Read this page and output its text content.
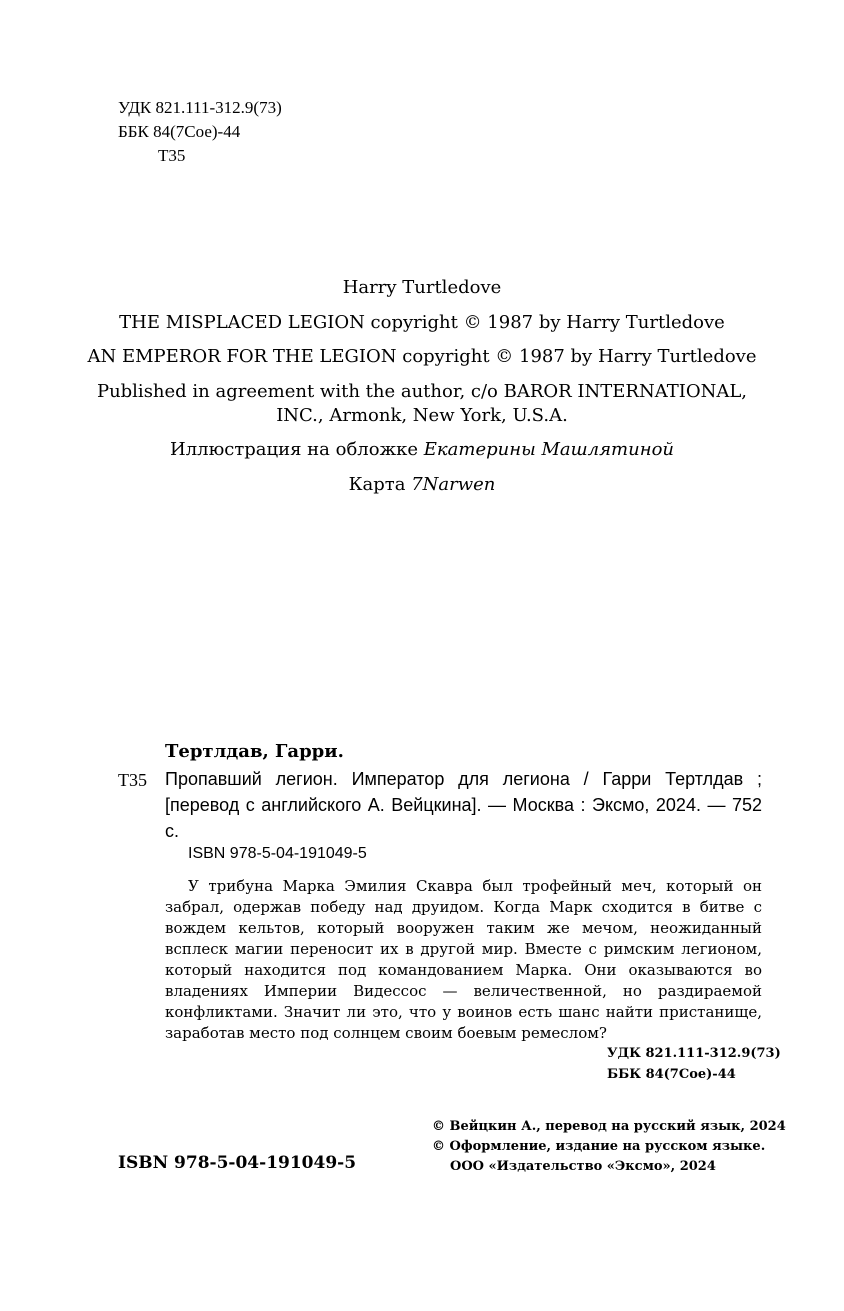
УДК 821.111-312.9(73)
ББК 84(7Сое)-44
Т35
Harry Turtledove
THE MISPLACED LEGION copyright © 1987 by Harry Turtledove
AN EMPEROR FOR THE LEGION copyright © 1987 by Harry Turtledove
Published in agreement with the author, c/o BAROR INTERNATIONAL,
INC., Armonk, New York, U.S.A.
Иллюстрация на обложке Екатерины Машлятиной
Карта 7Narwen
Тертлдав, Гарри.
Т35 Пропавший легион. Император для легиона / Гарри Тертлдав ; [перевод с английского А. Вейцкина]. — Москва : Эксмо, 2024. — 752 с.

ISBN 978-5-04-191049-5

У трибуна Марка Эмилия Скавра был трофейный меч, который он забрал, одержав победу над друидом. Когда Марк сходится в битве с вождем кельтов, который вооружен таким же мечом, неожиданный всплеск магии переносит их в другой мир. Вместе с римским легионом, который находится под командованием Марка. Они оказываются во владениях Империи Видессос — величественной, но раздираемой конфликтами. Значит ли это, что у воинов есть шанс найти пристанище, заработав место под солнцем своим боевым ремеслом?

УДК 821.111-312.9(73)
ББК 84(7Сое)-44
© Вейцкин А., перевод на русский язык, 2024
© Оформление, издание на русском языке.
ООО «Издательство «Эксмо», 2024
ISBN 978-5-04-191049-5
